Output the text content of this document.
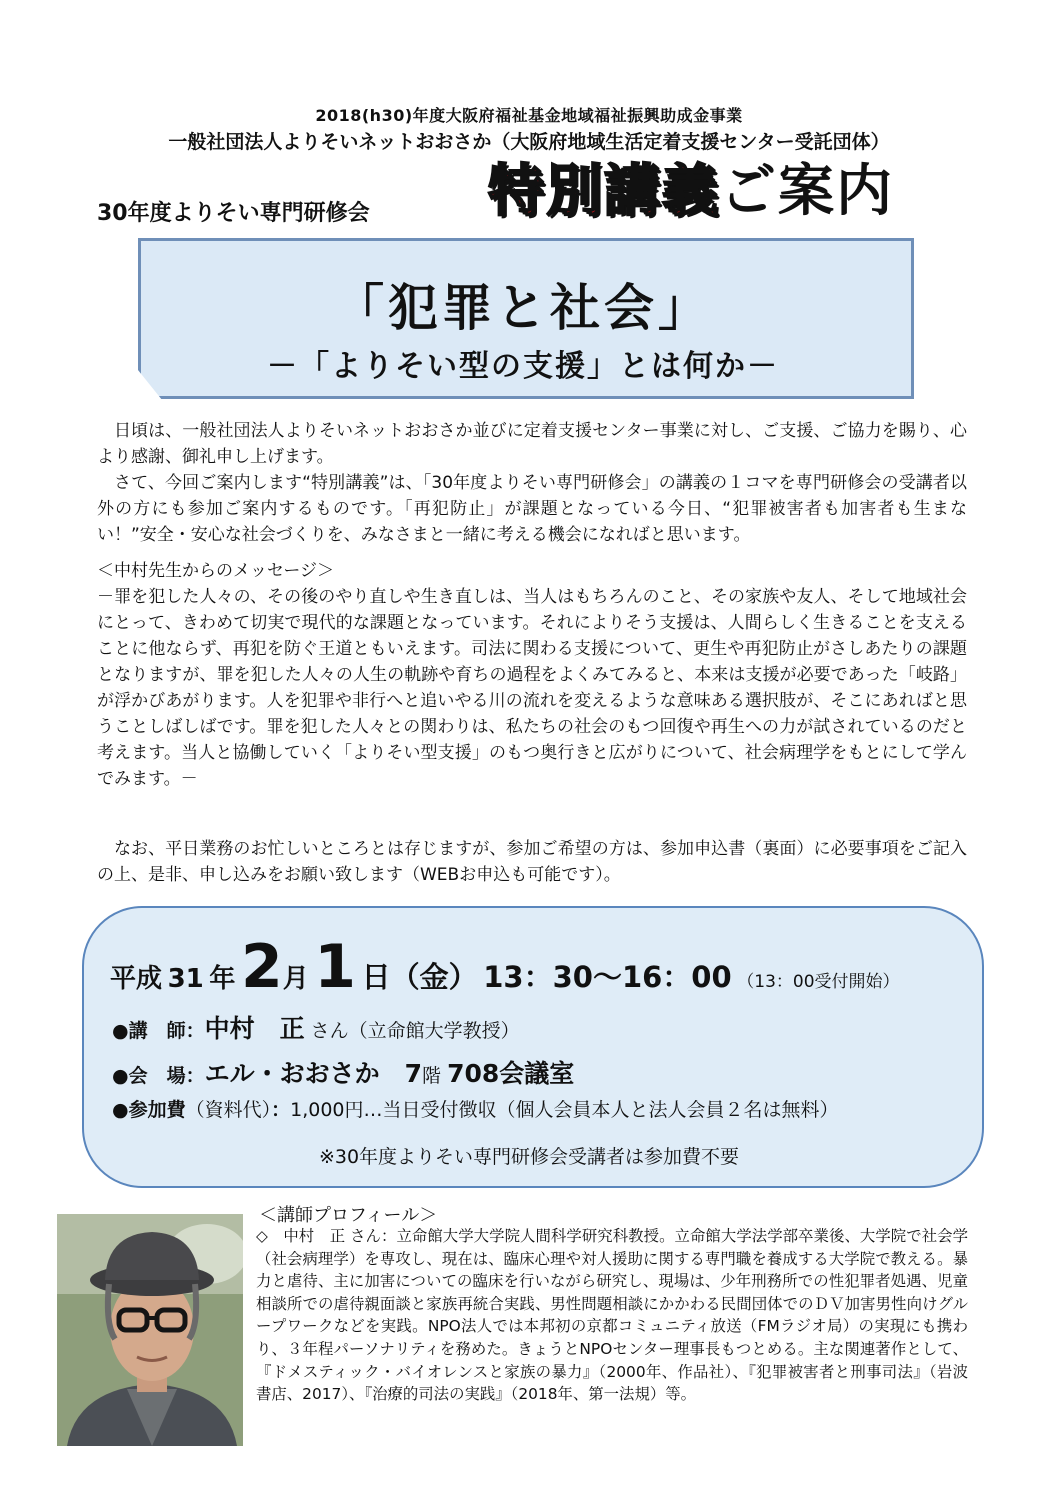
2018(h30)年度大阪府福祉基金地域福祉振興助成金事業
一般社団法人よりそいネットおおさか（大阪府地域生活定着支援センター受託団体）
30年度よりそい専門研修会 特別講義ご案内
「犯罪と社会」
－「よりそい型の支援」とは何か－
日頃は、一般社団法人よりそいネットおおさか並びに定着支援センター事業に対し、ご支援、ご協力を賜り、心より感謝、御礼申し上げます。
さて、今回ご案内します“特別講義”は、「30年度よりそい専門研修会」の講義の１コマを専門研修会の受講者以外の方にも参加ご案内するものです。「再犯防止」が課題となっている今日、“犯罪被害者も加害者も生まない！”安全・安心な社会づくりを、みなさまと一緒に考える機会になればと思います。
＜中村先生からのメッセージ＞
－罪を犯した人々の、その後のやり直しや生き直しは、当人はもちろんのこと、その家族や友人、そして地域社会にとって、きわめて切実で現代的な課題となっています。それによりそう支援は、人間らしく生きることを支えることに他ならず、再犯を防ぐ王道ともいえます。司法に関わる支援について、更生や再犯防止がさしあたりの課題となりますが、罪を犯した人々の人生の軌跡や育ちの過程をよくみてみると、本来は支援が必要であった「岐路」が浮かびあがります。人を犯罪や非行へと追いやる川の流れを変えるような意味ある選択肢が、そこにあればと思うことしばしばです。罪を犯した人々との関わりは、私たちの社会のもつ回復や再生への力が試されているのだと考えます。当人と協働していく「よりそい型支援」のもつ奥行きと広がりについて、社会病理学をもとにして学んでみます。－
なお、平日業務のお忙しいところとは存じますが、参加ご希望の方は、参加申込書（裏面）に必要事項をご記入の上、是非、申し込みをお願い致します（WEBお申込も可能です）。
平成 31 年 2月 1 日（金） 13：30〜16：00 （13：00受付開始）
●講　師：中村　正 さん（立命館大学教授）
●会　場：エル・おおさか　7階 708会議室
●参加費（資料代）：1,000円…当日受付徴収（個人会員本人と法人会員２名は無料）
※30年度よりそい専門研修会受講者は参加費不要
＜講師プロフィール＞
◇　中村　正 さん：立命館大学大学院人間科学研究科教授。立命館大学法学部卒業後、大学院で社会学（社会病理学）を専攻し、現在は、臨床心理や対人援助に関する専門職を養成する大学院で教える。暴力と虐待、主に加害についての臨床を行いながら研究し、現場は、少年刑務所での性犯罪者処遇、児童相談所での虐待親面談と家族再統合実践、男性問題相談にかかわる民間団体でのＤＶ加害男性向けグループワークなどを実践。NPO法人では本邦初の京都コミュニティ放送（FMラジオ局）の実現にも携わり、３年程パーソナリティを務めた。きょうとNPOセンター理事長もつとめる。主な関連著作として、『ドメスティック・バイオレンスと家族の暴力』（2000年、作品社）、『犯罪被害者と刑事司法』（岩波書店、2017）、『治療的司法の実践』（2018年、第一法規）等。
